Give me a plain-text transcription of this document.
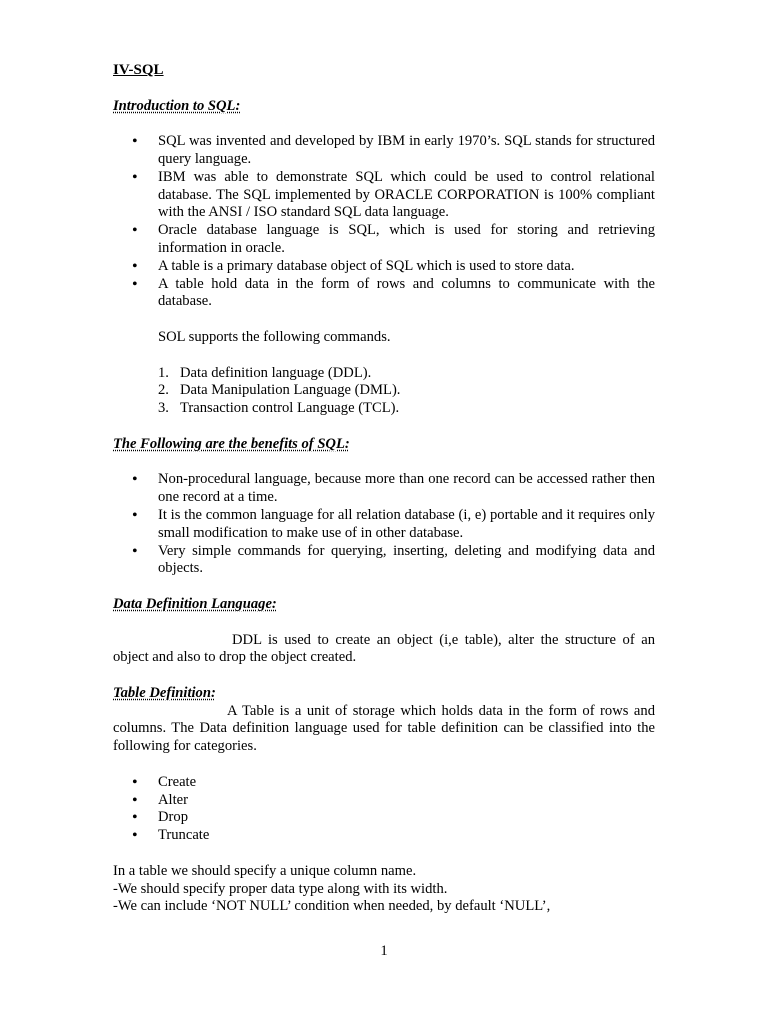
IV-SQL

Introduction to SQL:

• SQL was invented and developed by IBM in early 1970’s. SQL stands for structured query language.
• IBM was able to demonstrate SQL which could be used to control relational database. The SQL implemented by ORACLE CORPORATION is 100% compliant with the ANSI / ISO standard SQL data language.
• Oracle database language is SQL, which is used for storing and retrieving information in oracle.
• A table is a primary database object of SQL which is used to store data.
• A table hold data in the form of rows and columns to communicate with the database.

SOL supports the following commands.

1. Data definition language (DDL).
2. Data Manipulation Language (DML).
3. Transaction control Language (TCL).

The Following are the benefits of SQL:

• Non-procedural language, because more than one record can be accessed rather then one record at a time.
• It is the common language for all relation database (i, e) portable and it requires only small modification to make use of in other database.
• Very simple commands for querying, inserting, deleting and modifying data and objects.

Data Definition Language:

DDL is used to create an object (i,e table), alter the structure of an object and also to drop the object created.

Table Definition:

A Table is a unit of storage which holds data in the form of rows and columns. The Data definition language used for table definition can be classified into the following for categories.

• Create
• Alter
• Drop
• Truncate

In a table we should specify a unique column name.

-We should specify proper data type along with its width.

-We can include ‘NOT NULL’ condition when needed, by default ‘NULL’,

1
